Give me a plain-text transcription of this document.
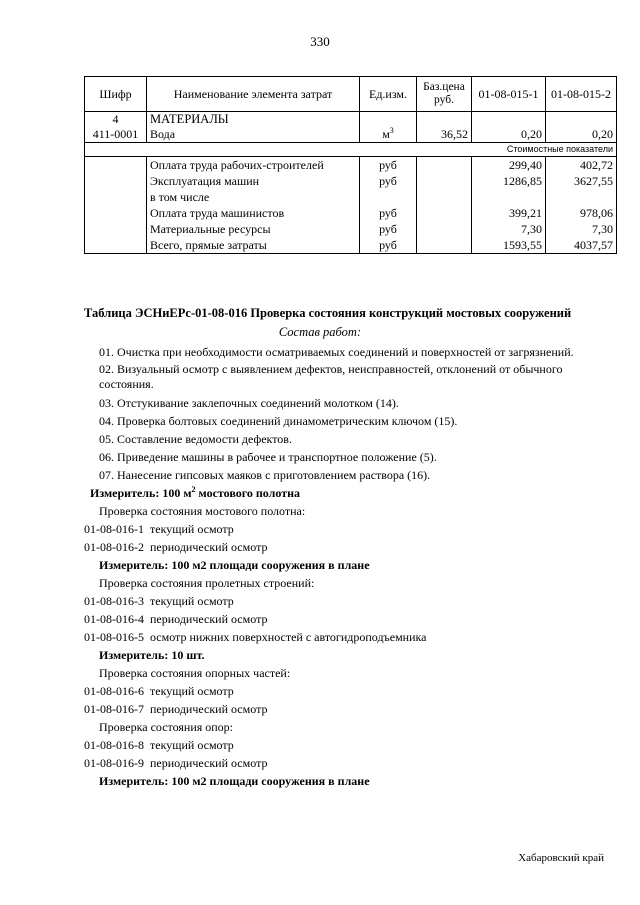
330
Шифр	Наименование элемента затрат	Ед.изм.	Баз.цена руб.	01-08-015-1	01-08-015-2
4	МАТЕРИАЛЫ				
411-0001	Вода	$м^3$	36,52	0,20	0,20
				Стоимостные показатели	
	Оплата труда рабочих-строителей	руб		299,40	402,72
	Эксплуатация машин	руб		1286,85	3627,55
	в том числе				
	Оплата труда машинистов	руб		399,21	978,06
	Материальные ресурсы	руб		7,30	7,30
	Всего, прямые затраты	руб		1593,55	4037,57
Таблица ЭСНиЕРс-01-08-016 Проверка состояния конструкций мостовых сооружений
Состав работ:
01. Очистка при необходимости осматриваемых соединений и поверхностей от загрязнений.
02. Визуальный осмотр с выявлением дефектов, неисправностей, отклонений от обычного состояния.
03. Отстукивание заклепочных соединений молотком (14).
04. Проверка болтовых соединений динамометрическим ключом (15).
05. Составление ведомости дефектов.
06. Приведение машины в рабочее и транспортное положение (5).
07. Нанесение гипсовых маяков с приготовлением раствора (16).
Измеритель: 100 $м^2$ мостового полотна
Проверка состояния мостового полотна:
01-08-016-1 текущий осмотр
01-08-016-2 периодический осмотр
Измеритель: 100 м2 площади сооружения в плане
Проверка состояния пролетных строений:
01-08-016-3 текущий осмотр
01-08-016-4 периодический осмотр
01-08-016-5 осмотр нижних поверхностей с автогидроподъемника
Измеритель: 10 шт.
Проверка состояния опорных частей:
01-08-016-6 текущий осмотр
01-08-016-7 периодический осмотр
Проверка состояния опор:
01-08-016-8 текущий осмотр
01-08-016-9 периодический осмотр
Измеритель: 100 м2 площади сооружения в плане
Хабаровский край
